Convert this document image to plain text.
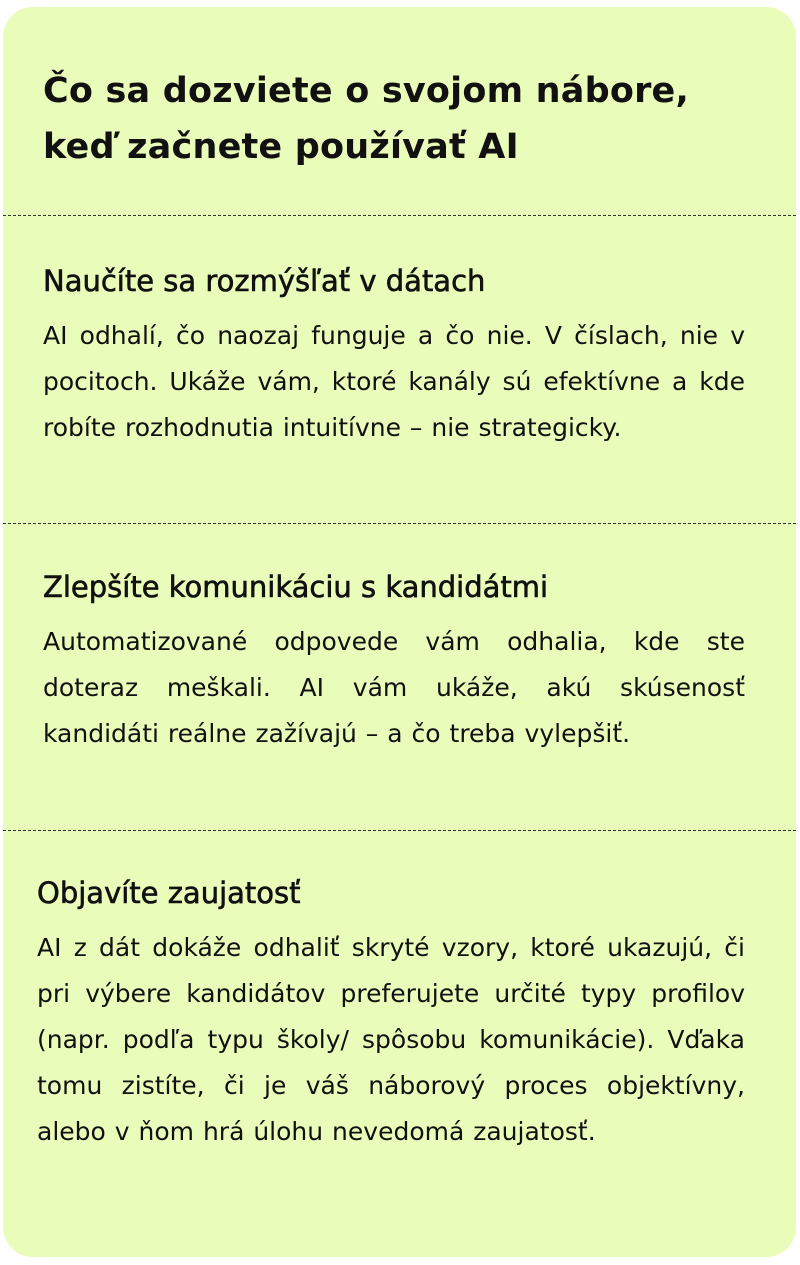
Čo sa dozviete o svojom nábore, keď začnete používať AI
Naučíte sa rozmýšľať v dátach

AI odhalí, čo naozaj funguje a čo nie. V číslach, nie v pocitoch. Ukáže vám, ktoré kanály sú efektívne a kde robíte rozhodnutia intuitívne – nie strategicky.

Zlepšíte komunikáciu s kandidátmi

Automatizované odpovede vám odhalia, kde ste doteraz meškali. AI vám ukáže, akú skúsenosť kandidáti reálne zažívajú – a čo treba vylepšiť.

Objavíte zaujatosť

AI z dát dokáže odhaliť skryté vzory, ktoré ukazujú, či pri výbere kandidátov preferujete určité typy profilov (napr. podľa typu školy/ spôsobu komunikácie). Vďaka tomu zistíte, či je váš náborový proces objektívny, alebo v ňom hrá úlohu nevedomá zaujatosť.
